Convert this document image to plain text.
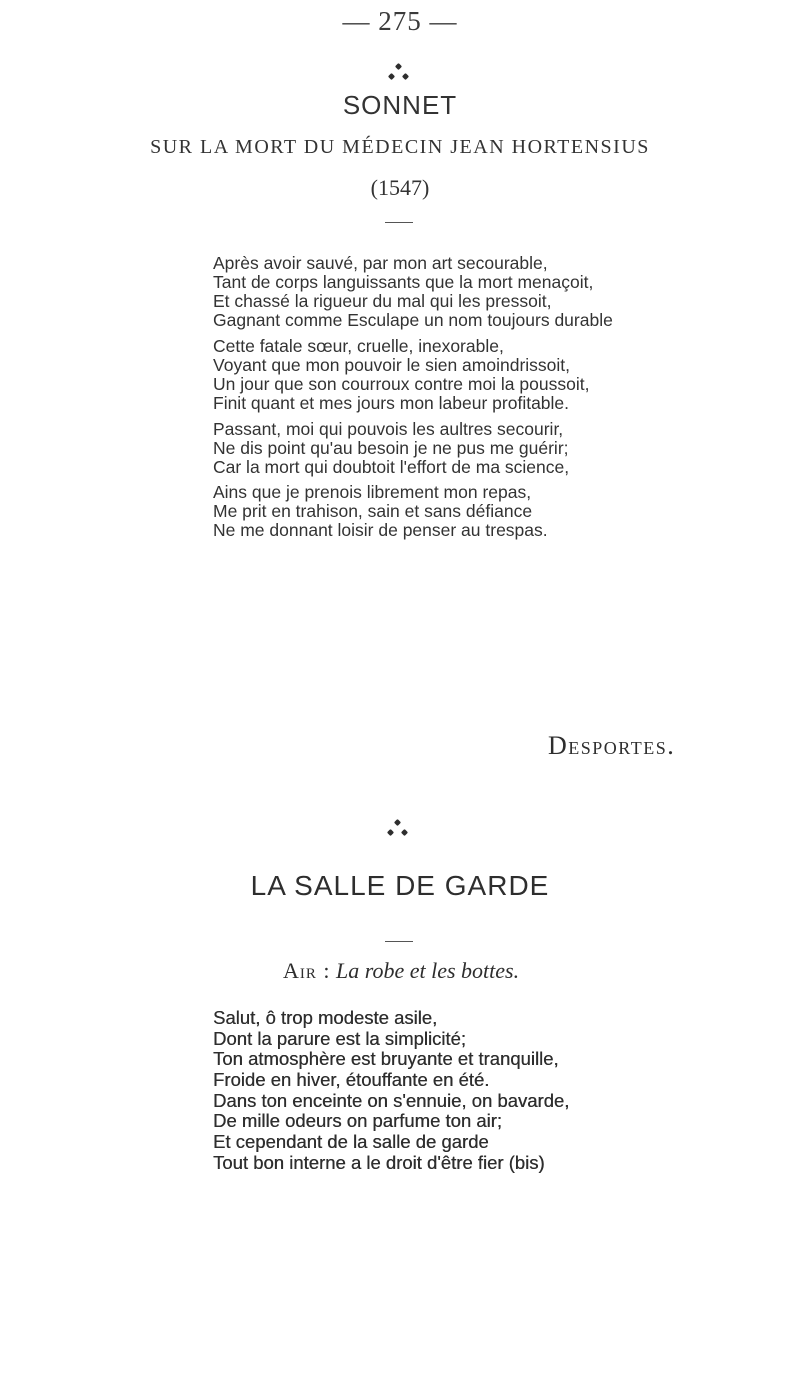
— 275 —
SONNET
SUR LA MORT DU MÉDECIN JEAN HORTENSIUS
(1547)
Après avoir sauvé, par mon art secourable,
Tant de corps languissants que la mort menaçoit,
Et chassé la rigueur du mal qui les pressoit,
Gagnant comme Esculape un nom toujours durable
Cette fatale sœur, cruelle, inexorable,
Voyant que mon pouvoir le sien amoindrissoit,
Un jour que son courroux contre moi la poussoit,
Finit quant et mes jours mon labeur profitable.
Passant, moi qui pouvois les aultres secourir,
Ne dis point qu'au besoin je ne pus me guérir;
Car la mort qui doubtoit l'effort de ma science,
Ains que je prenois librement mon repas,
Me prit en trahison, sain et sans défiance
Ne me donnant loisir de penser au trespas.
Desportes.
LA SALLE DE GARDE
Air : La robe et les bottes.
Salut, ô trop modeste asile,
Dont la parure est la simplicité;
Ton atmosphère est bruyante et tranquille,
Froide en hiver, étouffante en été.
Dans ton enceinte on s'ennuie, on bavarde,
De mille odeurs on parfume ton air;
Et cependant de la salle de garde
Tout bon interne a le droit d'être fier (bis)
